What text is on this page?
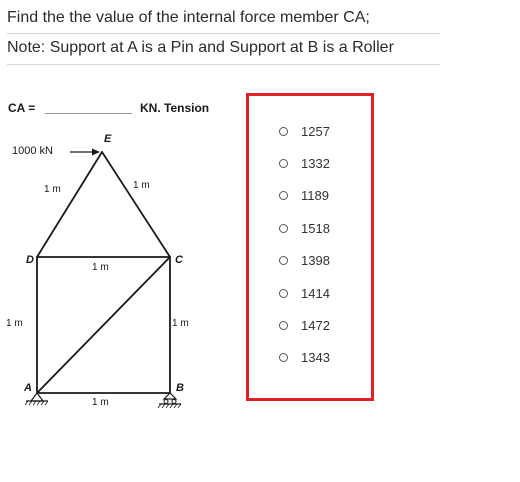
Find the the value of the internal force member CA;
Note: Support at A is a Pin and Support at B is a Roller
CA = _____________ KN. Tension
1000 kN
E
D	C
A	B
1 m	1 m
1 m
1 m	1 m
1 m
1257
1332
1189
1518
1398
1414
1472
1343
